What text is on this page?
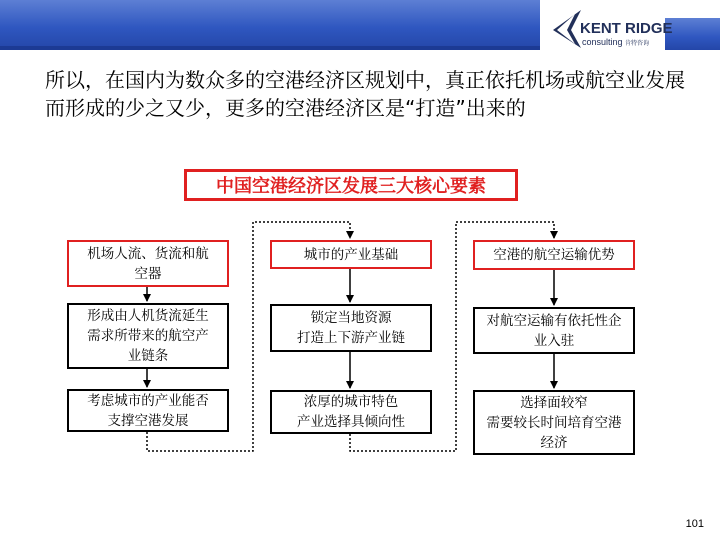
KENT RIDGE
consulting 肯特咨询
所以，在国内为数众多的空港经济区规划中，真正依托机场或航空业发展而形成的少之又少，更多的空港经济区是“打造”出来的
中国空港经济区发展三大核心要素
机场人流、货流和航
空器
形成由人机货流延生
需求所带来的航空产
业链条
考虑城市的产业能否
支撑空港发展
城市的产业基础
锁定当地资源
打造上下游产业链
浓厚的城市特色
产业选择具倾向性
空港的航空运输优势
对航空运输有依托性企
业入驻
选择面较窄
需要较长时间培育空港
经济
101
